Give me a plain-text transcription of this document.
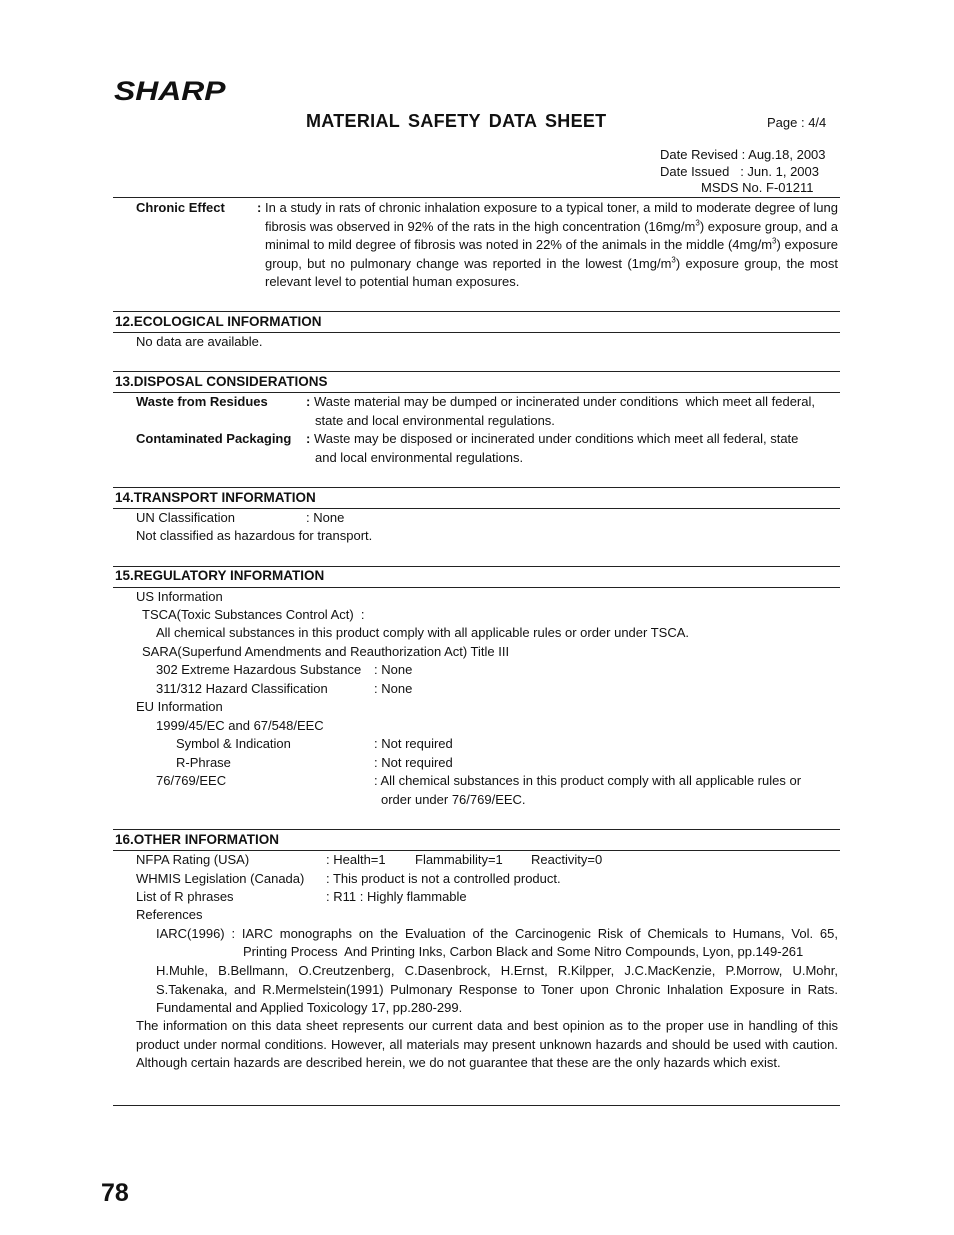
SHARP
MATERIAL SAFETY DATA SHEET	Page : 4/4
Date Revised : Aug.18, 2003
Date Issued   : Jun. 1, 2003
MSDS No. F-01211
Chronic Effect : In a study in rats of chronic inhalation exposure to a typical toner, a mild to moderate degree of lung fibrosis was observed in 92% of the rats in the high concentration $(16mg/m^3)$ exposure group, and a minimal to mild degree of fibrosis was noted in 22% of the animals in the middle $(4mg/m^3)$ exposure group, but no pulmonary change was reported in the lowest $(1mg/m^3)$ exposure group, the most relevant level to potential human exposures.
12.ECOLOGICAL INFORMATION
No data are available.
13.DISPOSAL CONSIDERATIONS
Waste from Residues	: Waste material may be dumped or incinerated under conditions  which meet all federal,
state and local environmental regulations.
Contaminated Packaging : Waste may be disposed or incinerated under conditions which meet all federal, state
and local environmental regulations.
14.TRANSPORT INFORMATION
UN Classification	: None
Not classified as hazardous for transport.
15.REGULATORY INFORMATION
US Information
TSCA(Toxic Substances Control Act)  :
All chemical substances in this product comply with all applicable rules or order under TSCA.
SARA(Superfund Amendments and Reauthorization Act) Title III
302 Extreme Hazardous Substance : None
311/312 Hazard Classification	: None
EU Information
1999/45/EC and 67/548/EEC
Symbol & Indication	: Not required
R-Phrase	: Not required
76/769/EEC	: All chemical substances in this product comply with all applicable rules or
order under 76/769/EEC.
16.OTHER INFORMATION
NFPA Rating (USA)	: Health=1 Flammability=1 Reactivity=0
WHMIS Legislation (Canada) : This product is not a controlled product.
List of R phrases	: R11 : Highly flammable
References
IARC(1996) : IARC monographs on the Evaluation of the Carcinogenic Risk of Chemicals to Humans, Vol. 65,
Printing Process  And Printing Inks, Carbon Black and Some Nitro Compounds, Lyon, pp.149-261
H.Muhle, B.Bellmann, O.Creutzenberg, C.Dasenbrock, H.Ernst, R.Kilpper, J.C.MacKenzie, P.Morrow, U.Mohr, S.Takenaka, and R.Mermelstein(1991) Pulmonary Response to Toner upon Chronic Inhalation Exposure in Rats. Fundamental and Applied Toxicology 17, pp.280-299.
The information on this data sheet represents our current data and best opinion as to the proper use in handling of this product under normal conditions. However, all materials may present unknown hazards and should be used with caution. Although certain hazards are described herein, we do not guarantee that these are the only hazards which exist.
78
